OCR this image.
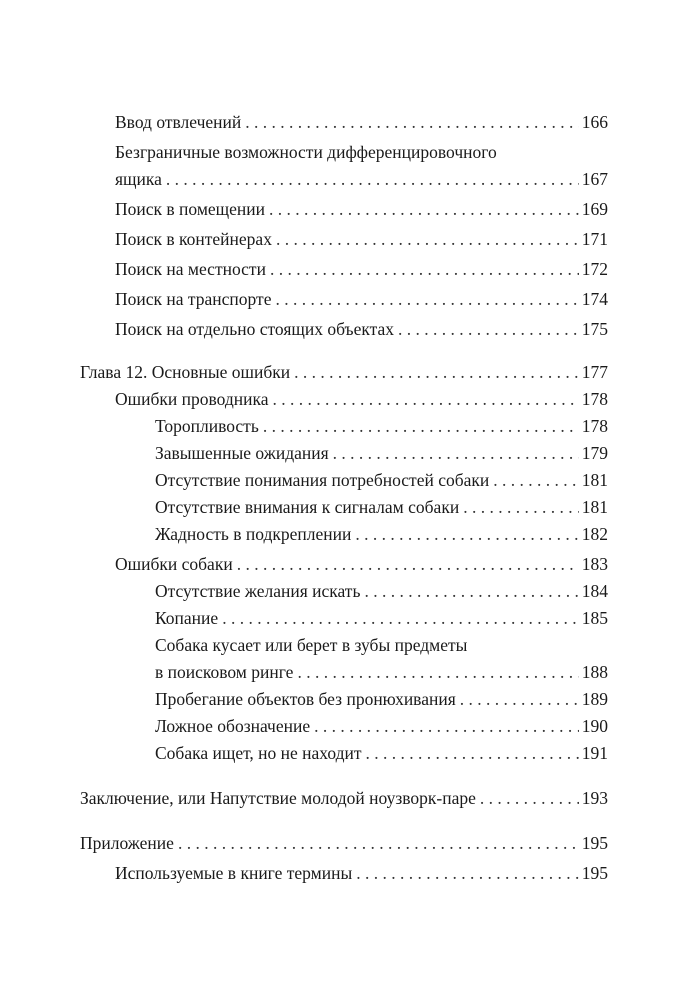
Ввод отвлечений . . .	166
Безграничные возможности дифференцировочного
ящика . . .	167
Поиск в помещении . . .	169
Поиск в контейнерах . . .	171
Поиск на местности . . .	172
Поиск на транспорте . . .	174
Поиск на отдельно стоящих объектах . . .	175
Глава 12. Основные ошибки . . .	177
Ошибки проводника . . .	178
Торопливость . . .	178
Завышенные ожидания . . .	179
Отсутствие понимания потребностей собаки . . .	181
Отсутствие внимания к сигналам собаки . . .	181
Жадность в подкреплении . . .	182
Ошибки собаки . . .	183
Отсутствие желания искать . . .	184
Копание . . .	185
Собака кусает или берет в зубы предметы
в поисковом ринге . . .	188
Пробегание объектов без пронюхивания . . .	189
Ложное обозначение . . .	190
Собака ищет, но не находит . . .	191
Заключение, или Напутствие молодой ноузворк-паре . . .	193
Приложение . . .	195
Используемые в книге термины . . .	195
